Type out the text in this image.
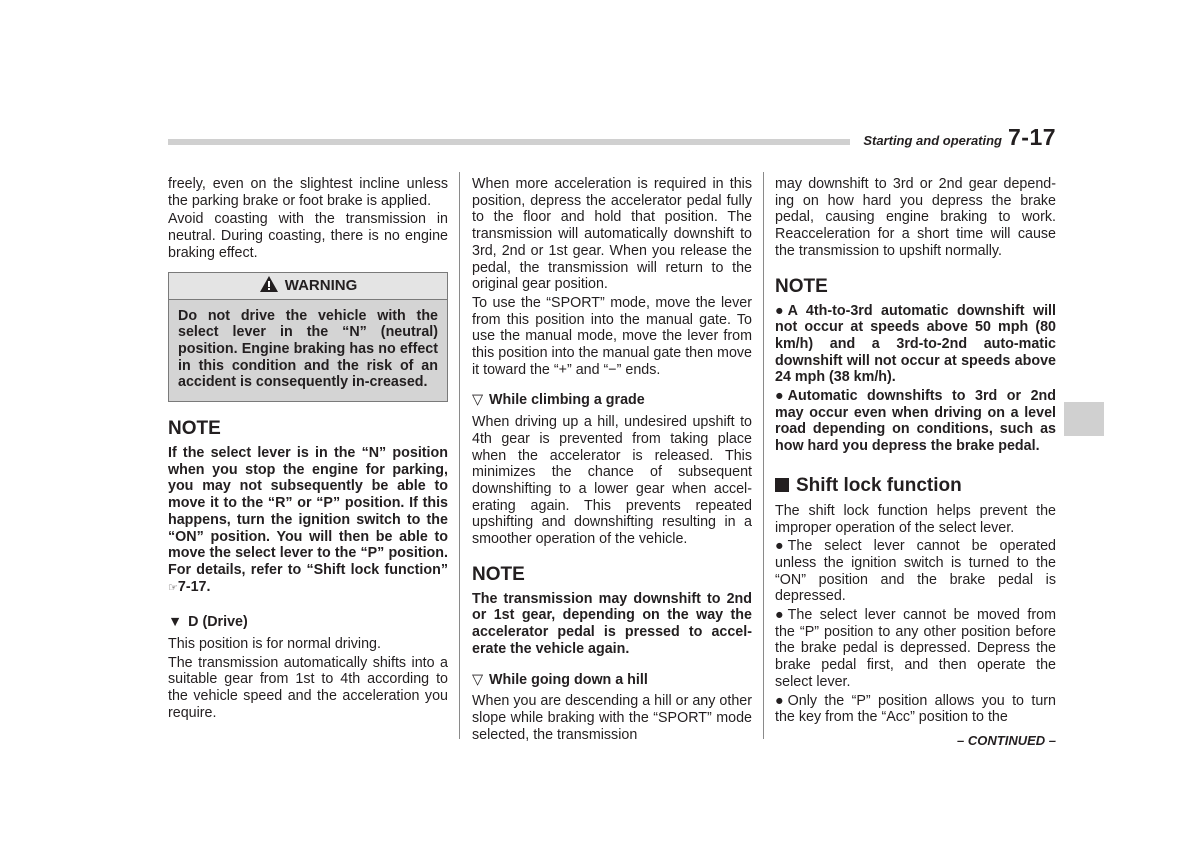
Starting and operating 7-17

freely, even on the slightest incline unless the parking brake or foot brake is applied.

Avoid coasting with the transmission in neutral. During coasting, there is no engine braking effect.

WARNING
Do not drive the vehicle with the select lever in the “N” (neutral) position. Engine braking has no effect in this condition and the risk of an accident is consequently in-creased.
NOTE

If the select lever is in the “N” position when you stop the engine for parking, you may not subsequently be able to move it to the “R” or “P” position. If this happens, turn the ignition switch to the “ON” position. You will then be able to move the select lever to the “P” position. For details, refer to “Shift lock function” ☞7-17.

▼ D (Drive)

This position is for normal driving.

The transmission automatically shifts into a suitable gear from 1st to 4th according to the vehicle speed and the acceleration you require.

When more acceleration is required in this position, depress the accelerator pedal fully to the floor and hold that position. The transmission will automatically downshift to 3rd, 2nd or 1st gear. When you release the pedal, the transmission will return to the original gear position.

To use the “SPORT” mode, move the lever from this position into the manual gate. To use the manual mode, move the lever from this position into the manual gate then move it toward the “+” and “−” ends.

▽ While climbing a grade

When driving up a hill, undesired upshift to 4th gear is prevented from taking place when the accelerator is released. This minimizes the chance of subsequent downshifting to a lower gear when accel-erating again. This prevents repeated upshifting and downshifting resulting in a smoother operation of the vehicle.

NOTE

The transmission may downshift to 2nd or 1st gear, depending on the way the accelerator pedal is pressed to accel-erate the vehicle again.

▽ While going down a hill

When you are descending a hill or any other slope while braking with the “SPORT” mode selected, the transmission

may downshift to 3rd or 2nd gear depend-ing on how hard you depress the brake pedal, causing engine braking to work. Reacceleration for a short time will cause the transmission to upshift normally.

NOTE

● A 4th-to-3rd automatic downshift will not occur at speeds above 50 mph (80 km/h) and a 3rd-to-2nd auto-matic downshift will not occur at speeds above 24 mph (38 km/h).

● Automatic downshifts to 3rd or 2nd may occur even when driving on a level road depending on conditions, such as how hard you depress the brake pedal.

Shift lock function

The shift lock function helps prevent the improper operation of the select lever.

● The select lever cannot be operated unless the ignition switch is turned to the “ON” position and the brake pedal is depressed.

● The select lever cannot be moved from the “P” position to any other position before the brake pedal is depressed. Depress the brake pedal first, and then operate the select lever.

● Only the “P” position allows you to turn the key from the “Acc” position to the

– CONTINUED –
